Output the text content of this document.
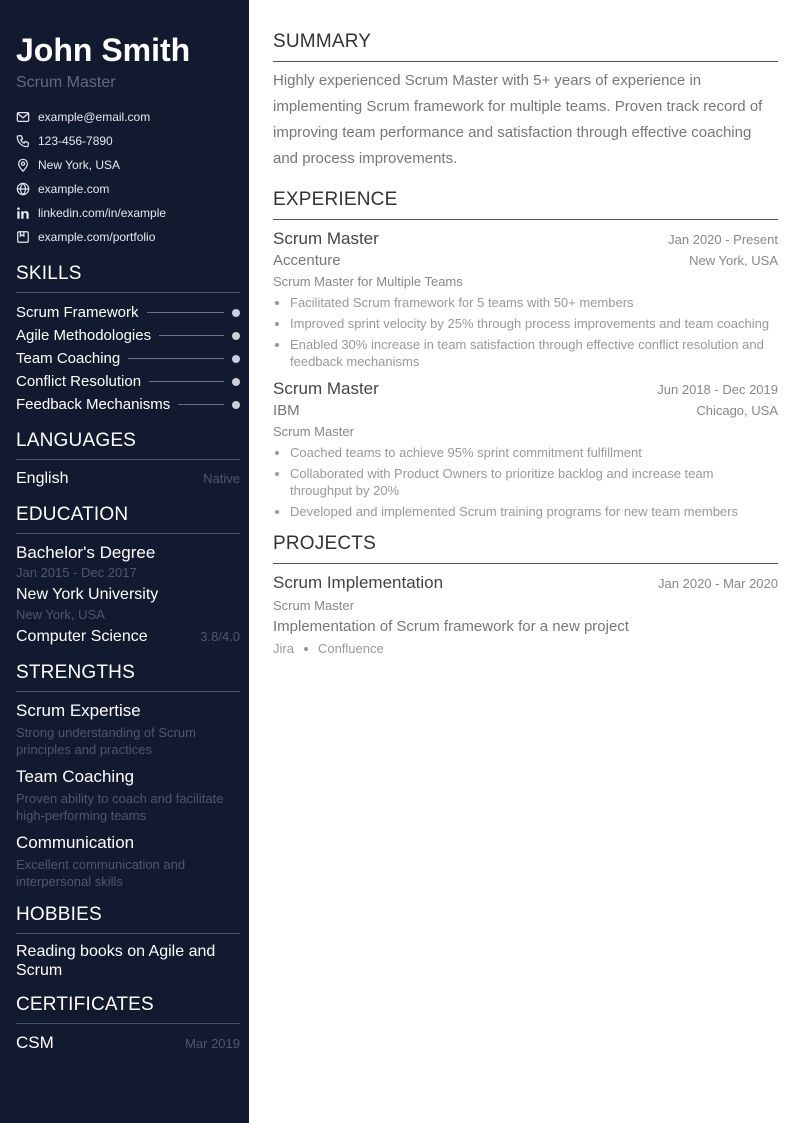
John Smith
Scrum Master
example@email.com
123-456-7890
New York, USA
example.com
linkedin.com/in/example
example.com/portfolio
SKILLS
Scrum Framework
Agile Methodologies
Team Coaching
Conflict Resolution
Feedback Mechanisms
LANGUAGES
English	Native
EDUCATION
Bachelor's Degree
Jan 2015 - Dec 2017
New York University
New York, USA
Computer Science	3.8/4.0
STRENGTHS
Scrum Expertise
Strong understanding of Scrum principles and practices
Team Coaching
Proven ability to coach and facilitate high-performing teams
Communication
Excellent communication and interpersonal skills
HOBBIES
Reading books on Agile and Scrum
CERTIFICATES
CSM	Mar 2019
SUMMARY
Highly experienced Scrum Master with 5+ years of experience in implementing Scrum framework for multiple teams. Proven track record of improving team performance and satisfaction through effective coaching and process improvements.
EXPERIENCE
Scrum Master	Jan 2020 - Present
Accenture	New York, USA
Scrum Master for Multiple Teams
• Facilitated Scrum framework for 5 teams with 50+ members
• Improved sprint velocity by 25% through process improvements and team coaching
• Enabled 30% increase in team satisfaction through effective conflict resolution and feedback mechanisms
Scrum Master	Jun 2018 - Dec 2019
IBM	Chicago, USA
Scrum Master
• Coached teams to achieve 95% sprint commitment fulfillment
• Collaborated with Product Owners to prioritize backlog and increase team throughput by 20%
• Developed and implemented Scrum training programs for new team members
PROJECTS
Scrum Implementation	Jan 2020 - Mar 2020
Scrum Master
Implementation of Scrum framework for a new project
Jira Confluence
